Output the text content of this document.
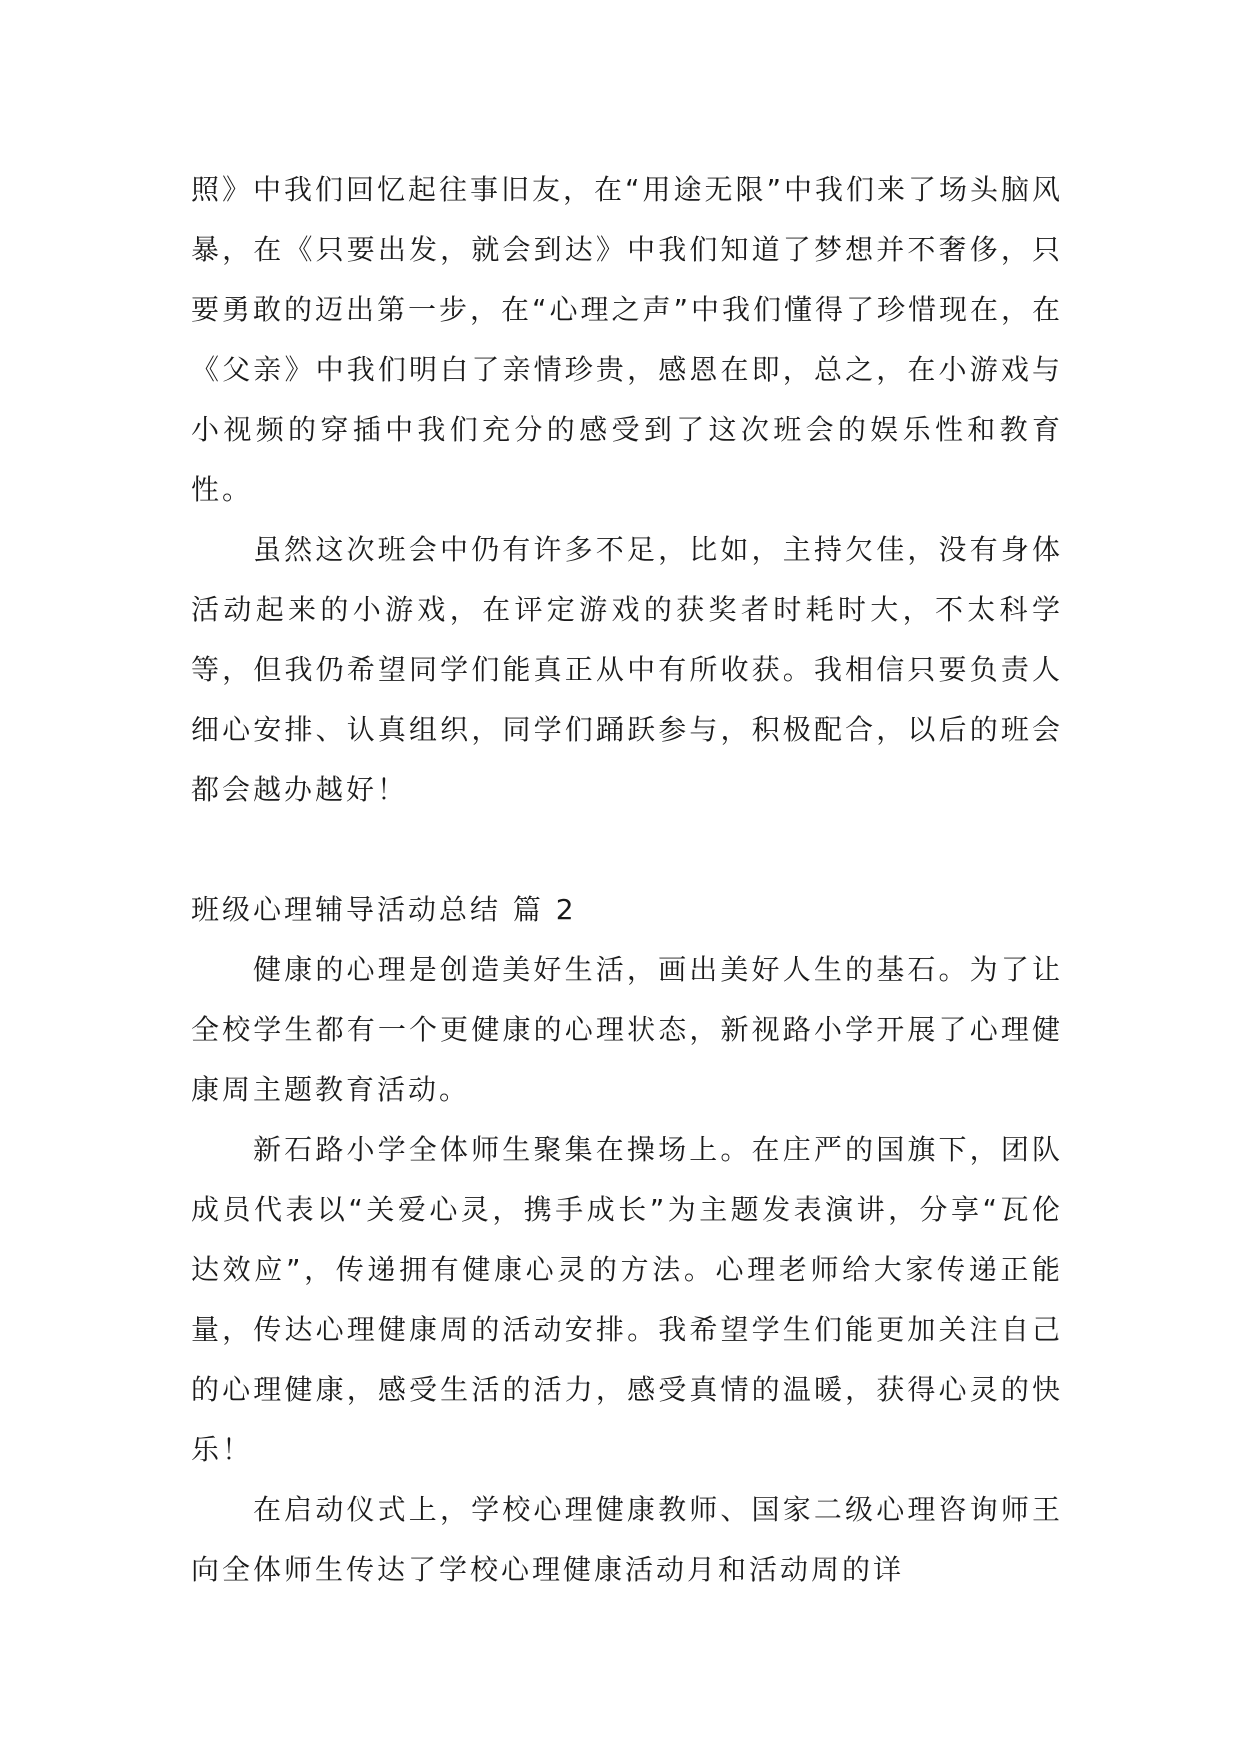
照》中我们回忆起往事旧友，在“用途无限”中我们来了场头脑风暴，在《只要出发，就会到达》中我们知道了梦想并不奢侈，只要勇敢的迈出第一步，在“心理之声”中我们懂得了珍惜现在，在《父亲》中我们明白了亲情珍贵，感恩在即，总之，在小游戏与小视频的穿插中我们充分的感受到了这次班会的娱乐性和教育性。

虽然这次班会中仍有许多不足，比如，主持欠佳，没有身体活动起来的小游戏，在评定游戏的获奖者时耗时大，不太科学等，但我仍希望同学们能真正从中有所收获。我相信只要负责人细心安排、认真组织，同学们踊跃参与，积极配合，以后的班会都会越办越好！

班级心理辅导活动总结 篇 2

健康的心理是创造美好生活，画出美好人生的基石。为了让全校学生都有一个更健康的心理状态，新视路小学开展了心理健康周主题教育活动。

新石路小学全体师生聚集在操场上。在庄严的国旗下，团队成员代表以“关爱心灵，携手成长”为主题发表演讲，分享“瓦伦达效应”，传递拥有健康心灵的方法。心理老师给大家传递正能量，传达心理健康周的活动安排。我希望学生们能更加关注自己的心理健康，感受生活的活力，感受真情的温暖，获得心灵的快乐！

在启动仪式上，学校心理健康教师、国家二级心理咨询师王向全体师生传达了学校心理健康活动月和活动周的详
